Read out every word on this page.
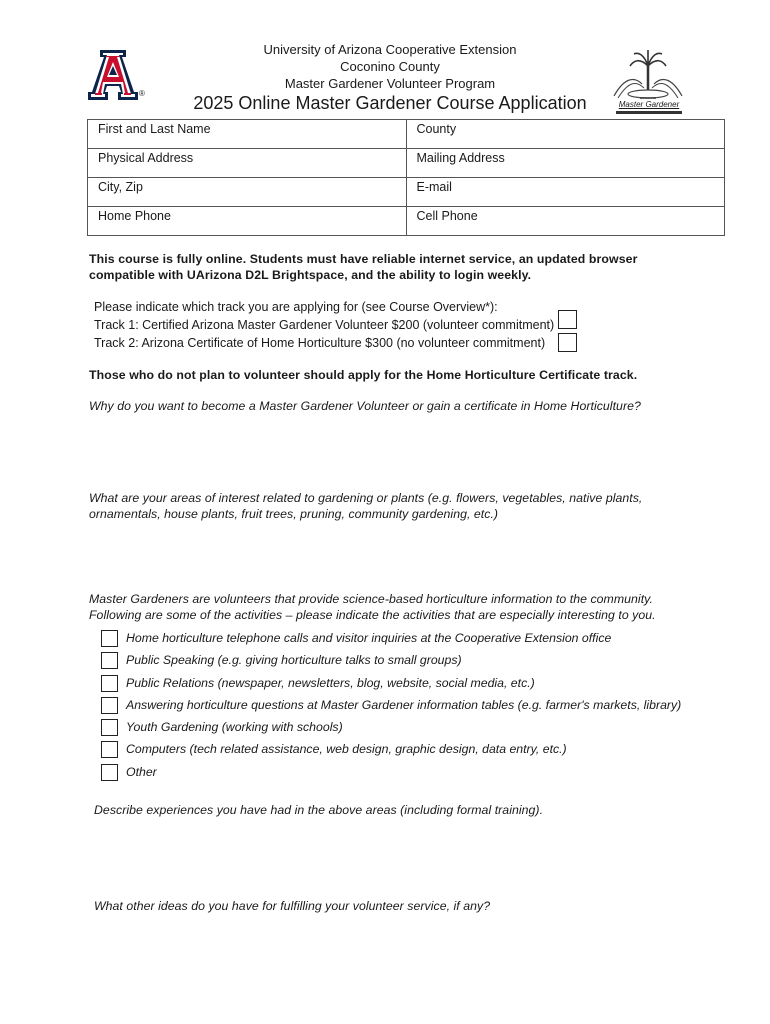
®
Master Gardener
University of Arizona Cooperative Extension
Coconino County
Master Gardener Volunteer Program
2025 Online Master Gardener Course Application
First and Last Name	County
Physical Address	Mailing Address
City, Zip	E-mail
Home Phone	Cell Phone
This course is fully online. Students must have reliable internet service, an updated browser
compatible with UArizona D2L Brightspace, and the ability to login weekly.
Please indicate which track you are applying for (see Course Overview*):
Track 1: Certified Arizona Master Gardener Volunteer $200 (volunteer commitment)
Track 2: Arizona Certificate of Home Horticulture $300 (no volunteer commitment)
Those who do not plan to volunteer should apply for the Home Horticulture Certificate track.
Why do you want to become a Master Gardener Volunteer or gain a certificate in Home Horticulture?
What are your areas of interest related to gardening or plants (e.g. flowers, vegetables, native plants,
ornamentals, house plants, fruit trees, pruning, community gardening, etc.)
Master Gardeners are volunteers that provide science-based horticulture information to the community.
Following are some of the activities – please indicate the activities that are especially interesting to you.
Home horticulture telephone calls and visitor inquiries at the Cooperative Extension office
Public Speaking (e.g. giving horticulture talks to small groups)
Public Relations (newspaper, newsletters, blog, website, social media, etc.)
Answering horticulture questions at Master Gardener information tables (e.g. farmer's markets, library)
Youth Gardening (working with schools)
Computers (tech related assistance, web design, graphic design, data entry, etc.)
Other
Describe experiences you have had in the above areas (including formal training).
What other ideas do you have for fulfilling your volunteer service, if any?
